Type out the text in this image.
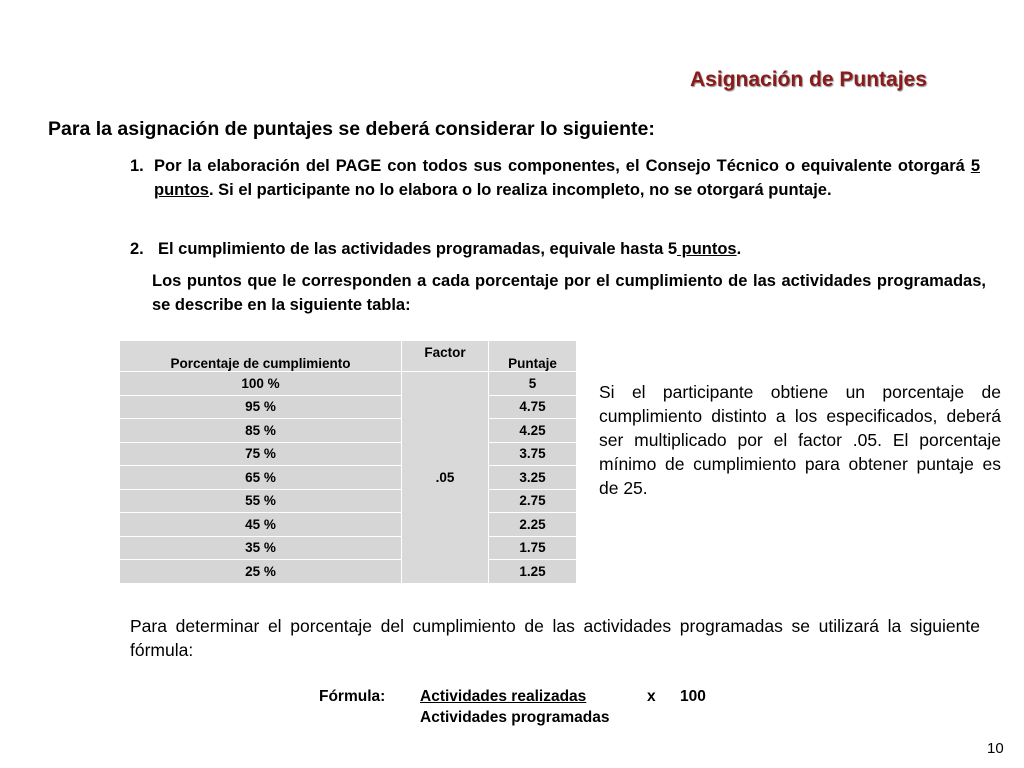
Asignación de Puntajes
Para la asignación de puntajes se deberá considerar lo siguiente:
1. Por la elaboración del PAGE con todos sus componentes, el Consejo Técnico o equivalente otorgará 5 puntos. Si el participante no lo elabora o lo realiza incompleto, no se otorgará puntaje.
2. El cumplimiento de las actividades programadas, equivale hasta 5 puntos.
Los puntos que le corresponden a cada porcentaje por el cumplimiento de las actividades programadas, se describe en la siguiente tabla:
Porcentaje de cumplimiento	Factor	Puntaje
100 %	.05	5
95 %		4.75
85 %		4.25
75 %		3.75
65 %		3.25
55 %		2.75
45 %		2.25
35 %		1.75
25 %		1.25
Si el participante obtiene un porcentaje de cumplimiento distinto a los especificados, deberá ser multiplicado por el factor .05. El porcentaje mínimo de cumplimiento para obtener puntaje es de 25.
Para determinar el porcentaje del cumplimiento de las actividades programadas se utilizará la siguiente fórmula:
Fórmula: Actividades realizadas	x 100
Actividades programadas
10
